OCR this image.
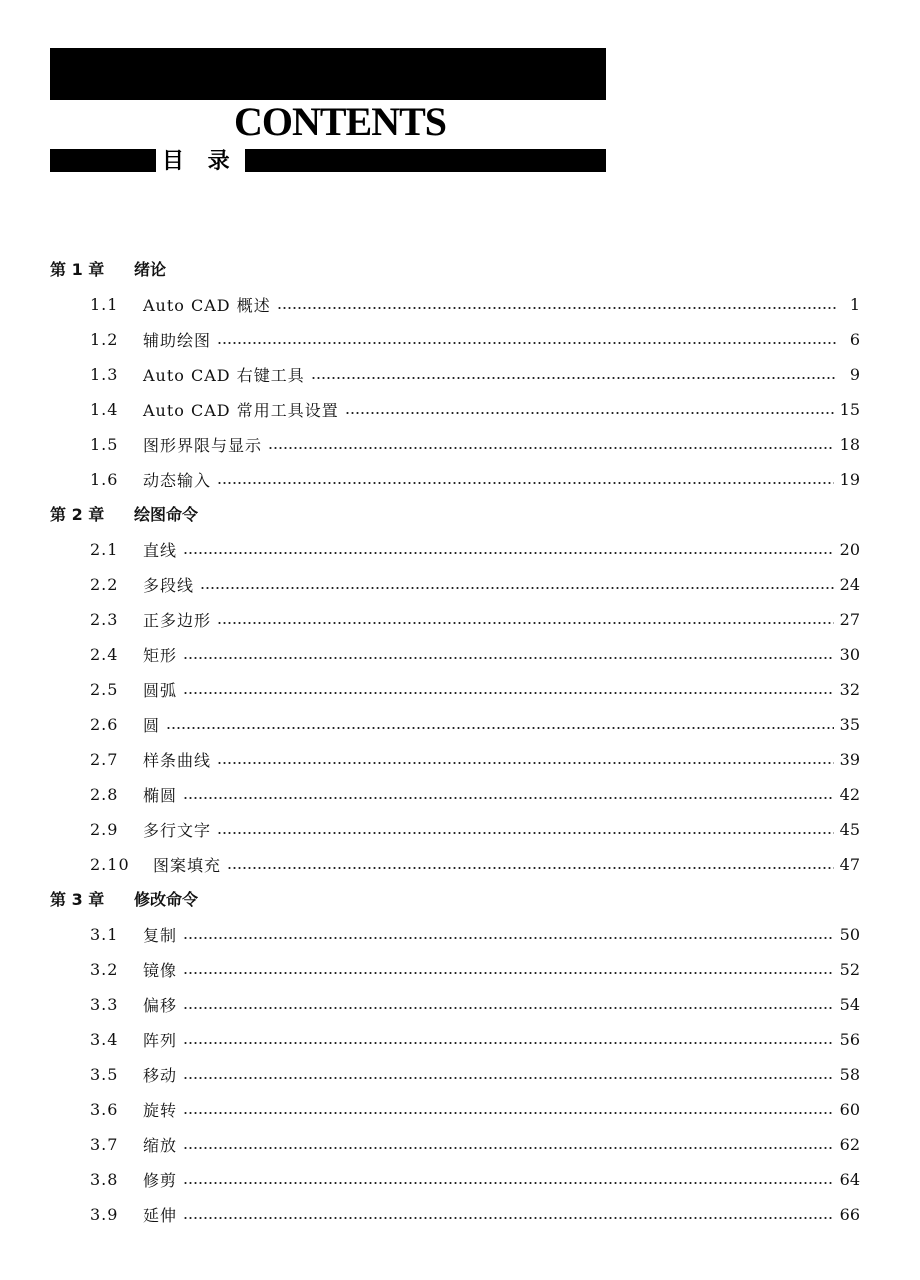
CONTENTS
目 录
第 1 章 绪论
1.1	Auto CAD 概述	1
1.2	辅助绘图	6
1.3	Auto CAD 右键工具	9
1.4	Auto CAD 常用工具设置	15
1.5	图形界限与显示	18
1.6	动态输入	19
第 2 章 绘图命令
2.1	直线	20
2.2	多段线	24
2.3	正多边形	27
2.4	矩形	30
2.5	圆弧	32
2.6	圆	35
2.7	样条曲线	39
2.8	椭圆	42
2.9	多行文字	45
2.10	图案填充	47
第 3 章 修改命令
3.1	复制	50
3.2	镜像	52
3.3	偏移	54
3.4	阵列	56
3.5	移动	58
3.6	旋转	60
3.7	缩放	62
3.8	修剪	64
3.9	延伸	66
